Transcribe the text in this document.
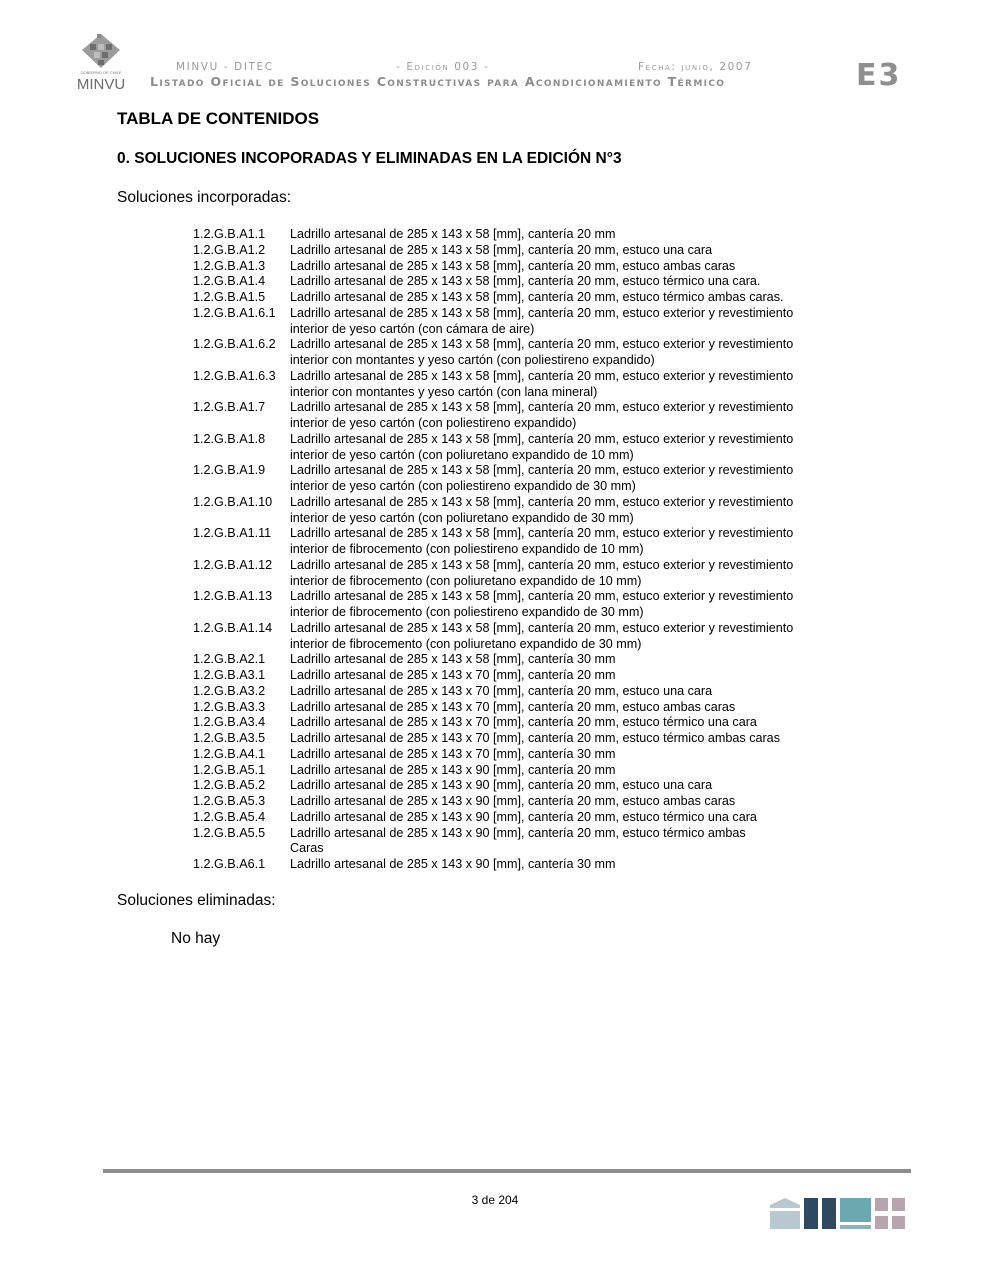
GOBIERNO DE CHILE
MINVU
MINVU - DITEC	- Edición 003 -	Fecha: junio, 2007
Listado Oficial de Soluciones Constructivas para Acondicionamiento Térmico	E3
TABLA DE CONTENIDOS
0. SOLUCIONES INCOPORADAS Y ELIMINADAS EN LA EDICIÓN N°3
Soluciones incorporadas:
1.2.G.B.A1.1	Ladrillo artesanal de 285 x 143 x 58 [mm], cantería 20 mm
1.2.G.B.A1.2	Ladrillo artesanal de 285 x 143 x 58 [mm], cantería 20 mm, estuco una cara
1.2.G.B.A1.3	Ladrillo artesanal de 285 x 143 x 58 [mm], cantería 20 mm, estuco ambas caras
1.2.G.B.A1.4	Ladrillo artesanal de 285 x 143 x 58 [mm], cantería 20 mm, estuco térmico una cara.
1.2.G.B.A1.5	Ladrillo artesanal de 285 x 143 x 58 [mm], cantería 20 mm, estuco térmico ambas caras.
1.2.G.B.A1.6.1	Ladrillo artesanal de 285 x 143 x 58 [mm], cantería 20 mm, estuco exterior y revestimiento
interior de yeso cartón (con cámara de aire)
1.2.G.B.A1.6.2	Ladrillo artesanal de 285 x 143 x 58 [mm], cantería 20 mm, estuco exterior y revestimiento
interior con montantes y yeso cartón (con poliestireno expandido)
1.2.G.B.A1.6.3	Ladrillo artesanal de 285 x 143 x 58 [mm], cantería 20 mm, estuco exterior y revestimiento
interior con montantes y yeso cartón (con lana mineral)
1.2.G.B.A1.7	Ladrillo artesanal de 285 x 143 x 58 [mm], cantería 20 mm, estuco exterior y revestimiento
interior de yeso cartón (con poliestireno expandido)
1.2.G.B.A1.8	Ladrillo artesanal de 285 x 143 x 58 [mm], cantería 20 mm, estuco exterior y revestimiento
interior de yeso cartón (con poliuretano expandido de 10 mm)
1.2.G.B.A1.9	Ladrillo artesanal de 285 x 143 x 58 [mm], cantería 20 mm, estuco exterior y revestimiento
interior de yeso cartón (con poliestireno expandido de 30 mm)
1.2.G.B.A1.10	Ladrillo artesanal de 285 x 143 x 58 [mm], cantería 20 mm, estuco exterior y revestimiento
interior de yeso cartón (con poliuretano expandido de 30 mm)
1.2.G.B.A1.11	Ladrillo artesanal de 285 x 143 x 58 [mm], cantería 20 mm, estuco exterior y revestimiento
interior de fibrocemento (con poliestireno expandido de 10 mm)
1.2.G.B.A1.12	Ladrillo artesanal de 285 x 143 x 58 [mm], cantería 20 mm, estuco exterior y revestimiento
interior de fibrocemento (con poliuretano expandido de 10 mm)
1.2.G.B.A1.13	Ladrillo artesanal de 285 x 143 x 58 [mm], cantería 20 mm, estuco exterior y revestimiento
interior de fibrocemento (con poliestireno expandido de 30 mm)
1.2.G.B.A1.14	Ladrillo artesanal de 285 x 143 x 58 [mm], cantería 20 mm, estuco exterior y revestimiento
interior de fibrocemento (con poliuretano expandido de 30 mm)
1.2.G.B.A2.1	Ladrillo artesanal de 285 x 143 x 58 [mm], cantería 30 mm
1.2.G.B.A3.1	Ladrillo artesanal de 285 x 143 x 70 [mm], cantería 20 mm
1.2.G.B.A3.2	Ladrillo artesanal de 285 x 143 x 70 [mm], cantería 20 mm, estuco una cara
1.2.G.B.A3.3	Ladrillo artesanal de 285 x 143 x 70 [mm], cantería 20 mm, estuco ambas caras
1.2.G.B.A3.4	Ladrillo artesanal de 285 x 143 x 70 [mm], cantería 20 mm, estuco térmico una cara
1.2.G.B.A3.5	Ladrillo artesanal de 285 x 143 x 70 [mm], cantería 20 mm, estuco térmico ambas caras
1.2.G.B.A4.1	Ladrillo artesanal de 285 x 143 x 70 [mm], cantería 30 mm
1.2.G.B.A5.1	Ladrillo artesanal de 285 x 143 x 90 [mm], cantería 20 mm
1.2.G.B.A5.2	Ladrillo artesanal de 285 x 143 x 90 [mm], cantería 20 mm, estuco una cara
1.2.G.B.A5.3	Ladrillo artesanal de 285 x 143 x 90 [mm], cantería 20 mm, estuco ambas caras
1.2.G.B.A5.4	Ladrillo artesanal de 285 x 143 x 90 [mm], cantería 20 mm, estuco térmico una cara
1.2.G.B.A5.5	Ladrillo artesanal de 285 x 143 x 90 [mm], cantería 20 mm, estuco térmico ambas
Caras
1.2.G.B.A6.1	Ladrillo artesanal de 285 x 143 x 90 [mm], cantería 30 mm
Soluciones eliminadas:
No hay
3 de 204
